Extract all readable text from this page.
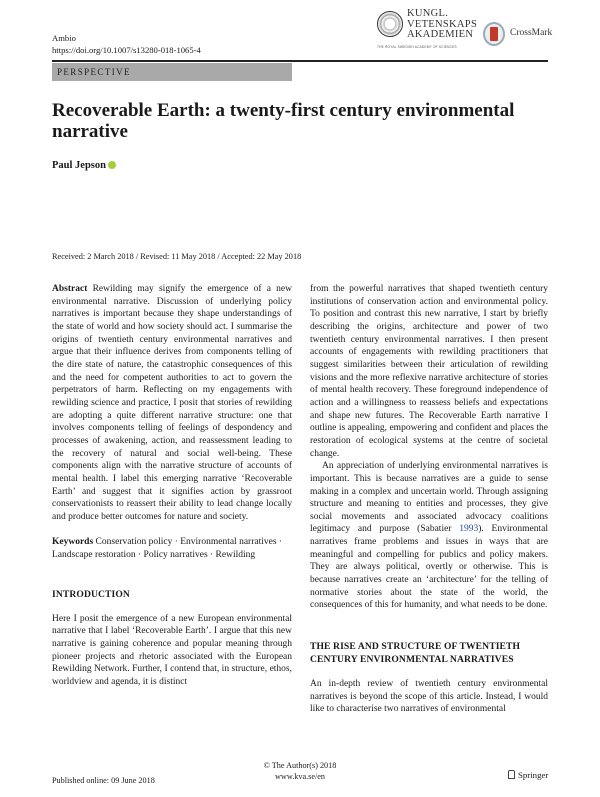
Ambio
https://doi.org/10.1007/s13280-018-1065-4
KUNGL.
VETENSKAPS
AKADEMIEN
THE ROYAL SWEDISH ACADEMY OF SCIENCES
CrossMark
PERSPECTIVE
Recoverable Earth: a twenty-first century environmental narrative
Paul Jepson
Received: 2 March 2018 / Revised: 11 May 2018 / Accepted: 22 May 2018

Abstract Rewilding may signify the emergence of a new environmental narrative. Discussion of underlying policy narratives is important because they shape understandings of the state of world and how society should act. I summarise the origins of twentieth century environmental narratives and argue that their influence derives from components telling of the dire state of nature, the catastrophic consequences of this and the need for competent authorities to act to govern the perpetrators of harm. Reflecting on my engagements with rewilding science and practice, I posit that stories of rewilding are adopting a quite different narrative structure: one that involves components telling of feelings of despondency and processes of awakening, action, and reassessment leading to the recovery of natural and social well-being. These components align with the narrative structure of accounts of mental health. I label this emerging narrative ‘Recoverable Earth’ and suggest that it signifies action by grassroot conservationists to reassert their ability to lead change locally and produce better outcomes for nature and society.

Keywords Conservation policy · Environmental narratives · Landscape restoration · Policy narratives · Rewilding

INTRODUCTION

Here I posit the emergence of a new European environmental narrative that I label ‘Recoverable Earth’. I argue that this new narrative is gaining coherence and popular meaning through pioneer projects and rhetoric associated with the European Rewilding Network. Further, I contend that, in structure, ethos, worldview and agenda, it is distinct

from the powerful narratives that shaped twentieth century institutions of conservation action and environmental policy. To position and contrast this new narrative, I start by briefly describing the origins, architecture and power of two twentieth century environmental narratives. I then present accounts of engagements with rewilding practitioners that suggest similarities between their articulation of rewilding visions and the more reflexive narrative architecture of stories of mental health recovery. These foreground independence of action and a willingness to reassess beliefs and expectations and shape new futures. The Recoverable Earth narrative I outline is appealing, empowering and confident and places the restoration of ecological systems at the centre of societal change.

An appreciation of underlying environmental narratives is important. This is because narratives are a guide to sense making in a complex and uncertain world. Through assigning structure and meaning to entities and processes, they give social movements and associated advocacy coalitions legitimacy and purpose (Sabatier 1993). Environmental narratives frame problems and issues in ways that are meaningful and compelling for publics and policy makers. They are always political, overtly or otherwise. This is because narratives create an ‘architecture’ for the telling of normative stories about the state of the world, the consequences of this for humanity, and what needs to be done.

THE RISE AND STRUCTURE OF TWENTIETH CENTURY ENVIRONMENTAL NARRATIVES

An in-depth review of twentieth century environmental narratives is beyond the scope of this article. Instead, I would like to characterise two narratives of environmental

Published online: 09 June 2018
© The Author(s) 2018
www.kva.se/en	Springer
